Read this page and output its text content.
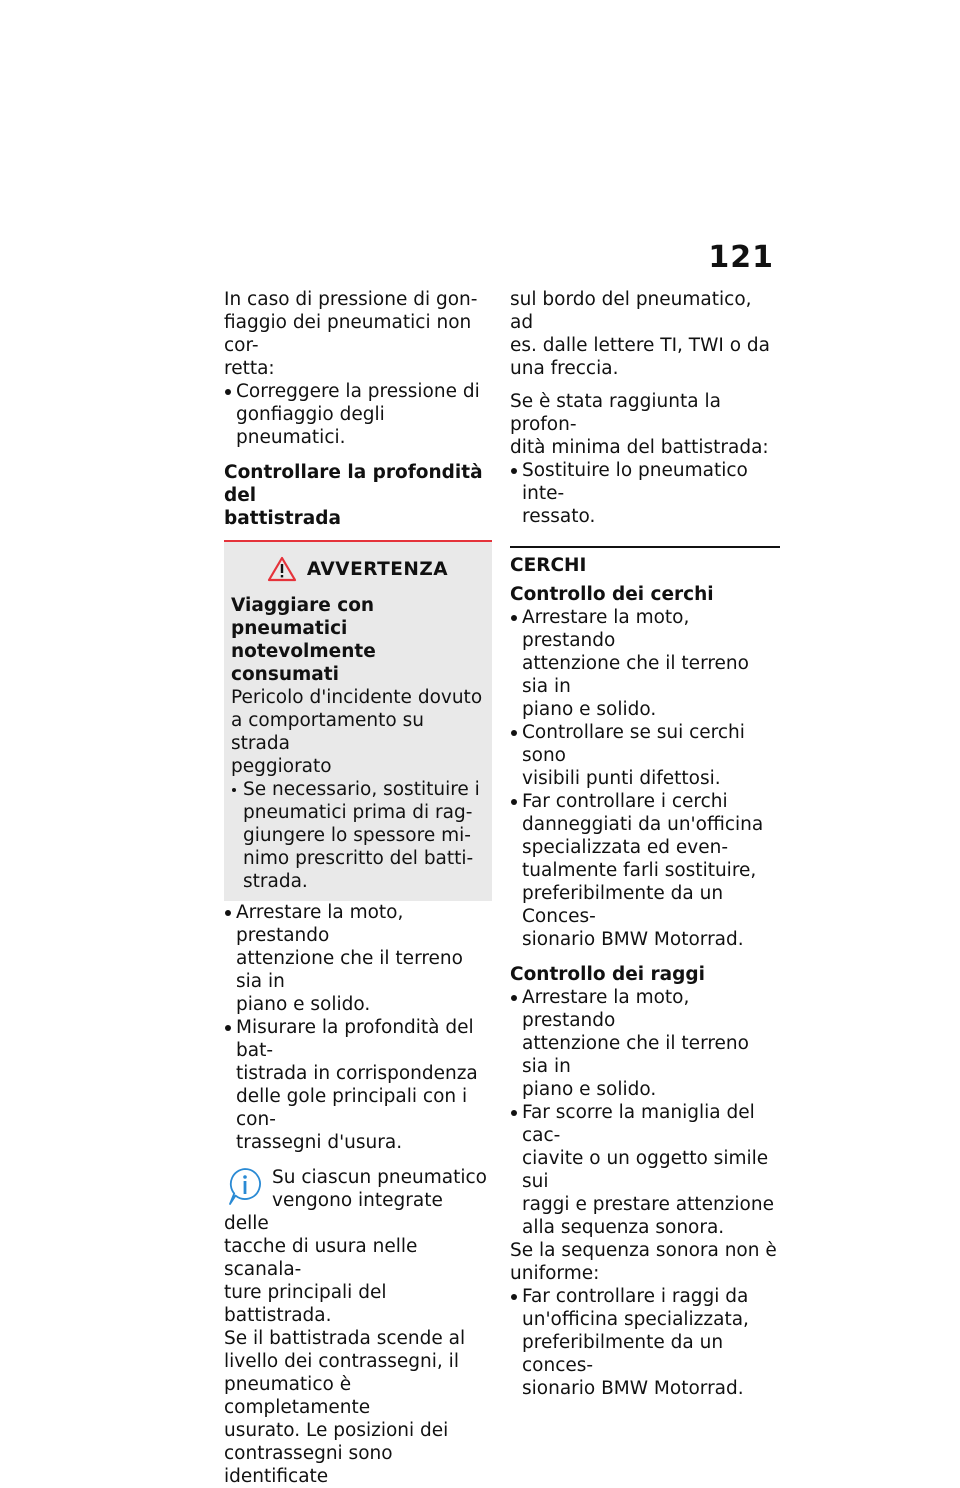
121

In caso di pressione di gon-
fiaggio dei pneumatici non cor-
retta:

Correggere la pressione di
gonfiaggio degli pneumatici.

Controllare la profondità del
battistrada

AVVERTENZA

Viaggiare con pneumatici
notevolmente consumati

Pericolo d'incidente dovuto
a comportamento su strada
peggiorato

Se necessario, sostituire i
pneumatici prima di rag-
giungere lo spessore mi-
nimo prescritto del batti-
strada.
Arrestare la moto, prestando
attenzione che il terreno sia in
piano e solido.
Misurare la profondità del bat-
tistrada in corrispondenza
delle gole principali con i con-
trassegni d'usura.

Su ciascun pneumatico
vengono integrate delle
tacche di usura nelle scanala-
ture principali del battistrada.
Se il battistrada scende al
livello dei contrassegni, il
pneumatico è completamente
usurato. Le posizioni dei
contrassegni sono identificate

sul bordo del pneumatico, ad
es. dalle lettere TI, TWI o da
una freccia.

Se è stata raggiunta la profon-
dità minima del battistrada:

Sostituire lo pneumatico inte-
ressato.

CERCHI

Controllo dei cerchi

Arrestare la moto, prestando
attenzione che il terreno sia in
piano e solido.
Controllare se sui cerchi sono
visibili punti difettosi.
Far controllare i cerchi
danneggiati da un'officina
specializzata ed even-
tualmente farli sostituire,
preferibilmente da un Conces-
sionario BMW Motorrad.

Controllo dei raggi

Arrestare la moto, prestando
attenzione che il terreno sia in
piano e solido.
Far scorre la maniglia del cac-
ciavite o un oggetto simile sui
raggi e prestare attenzione
alla sequenza sonora.

Se la sequenza sonora non è
uniforme:

Far controllare i raggi da
un'officina specializzata,
preferibilmente da un conces-
sionario BMW Motorrad.
